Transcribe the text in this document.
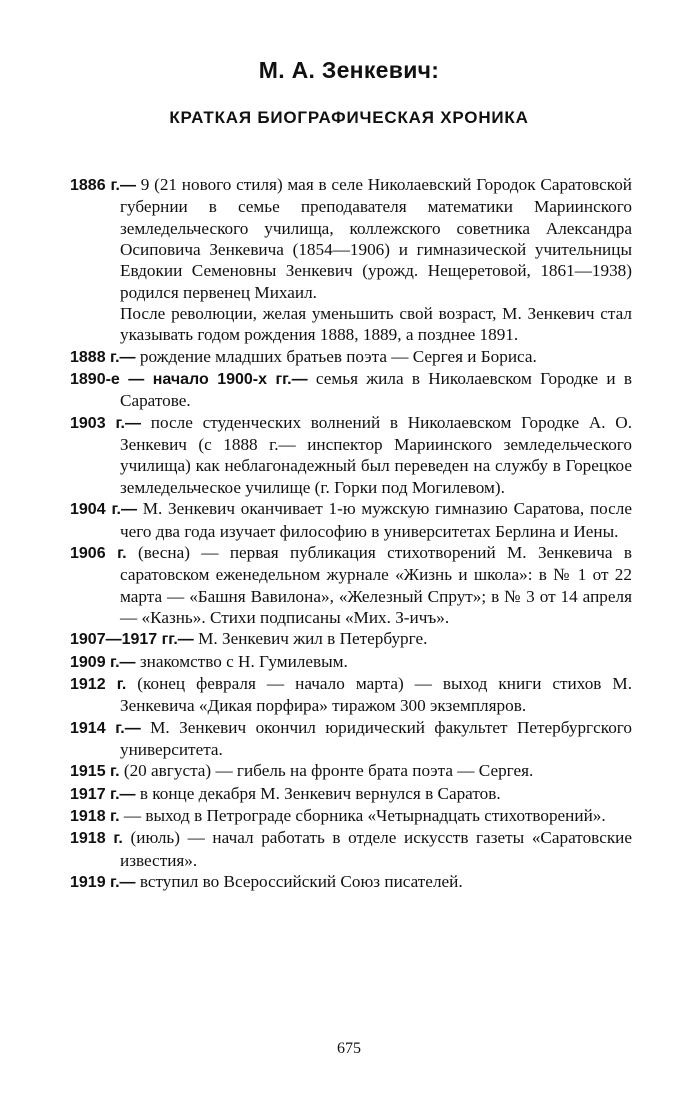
М. А. Зенкевич:
КРАТКАЯ БИОГРАФИЧЕСКАЯ ХРОНИКА
1886 г.— 9 (21 нового стиля) мая в селе Николаевский Городок Саратовской губернии в семье преподавателя математики Мариинского земледельческого училища, коллежского советника Александра Осиповича Зенкевича (1854—1906) и гимназической учительницы Евдокии Семеновны Зенкевич (урожд. Нещеретовой, 1861—1938) родился первенец Михаил.
После революции, желая уменьшить свой возраст, М. Зенкевич стал указывать годом рождения 1888, 1889, а позднее 1891.
1888 г.— рождение младших братьев поэта — Сергея и Бориса.
1890-е — начало 1900-х гг.— семья жила в Николаевском Городке и в Саратове.
1903 г.— после студенческих волнений в Николаевском Городке А. О. Зенкевич (с 1888 г.— инспектор Мариинского земледельческого училища) как неблагонадежный был переведен на службу в Горецкое земледельческое училище (г. Горки под Могилевом).
1904 г.— М. Зенкевич оканчивает 1-ю мужскую гимназию Саратова, после чего два года изучает философию в университетах Берлина и Иены.
1906 г. (весна) — первая публикация стихотворений М. Зенкевича в саратовском еженедельном журнале «Жизнь и школа»: в № 1 от 22 марта — «Башня Вавилона», «Железный Спрут»; в № 3 от 14 апреля — «Казнь». Стихи подписаны «Мих. З-ичъ».
1907—1917 гг.— М. Зенкевич жил в Петербурге.
1909 г.— знакомство с Н. Гумилевым.
1912 г. (конец февраля — начало марта) — выход книги стихов М. Зенкевича «Дикая порфира» тиражом 300 экземпляров.
1914 г.— М. Зенкевич окончил юридический факультет Петербургского университета.
1915 г. (20 августа) — гибель на фронте брата поэта — Сергея.
1917 г.— в конце декабря М. Зенкевич вернулся в Саратов.
1918 г. — выход в Петрограде сборника «Четырнадцать стихотворений».
1918 г. (июль) — начал работать в отделе искусств газеты «Саратовские известия».
1919 г.— вступил во Всероссийский Союз писателей.
675
